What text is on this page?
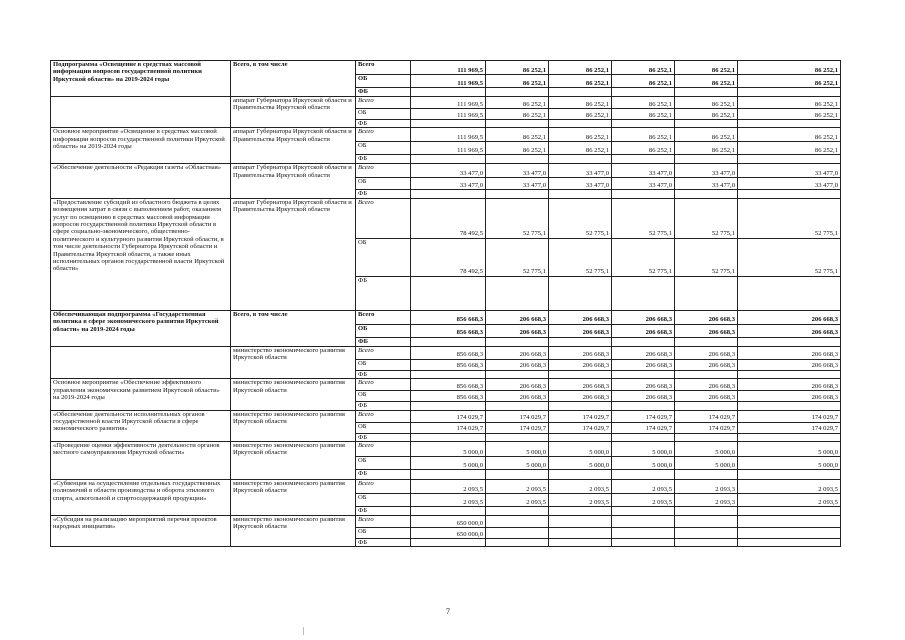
Подпрограмма «Освещение в средствах массовой информации вопросов государственной политики Иркутской области» на 2019-2024 годы	Всего, в том числе	Всего	111 969,5	86 252,1	86 252,1	86 252,1	86 252,1	86 252,1
		ОБ	111 969,5	86 252,1	86 252,1	86 252,1	86 252,1	86 252,1
		ФБ						
	аппарат Губернатора Иркутской области и Правительства Иркутской области	Всего	111 969,5	86 252,1	86 252,1	86 252,1	86 252,1	86 252,1
		ОБ	111 969,5	86 252,1	86 252,1	86 252,1	86 252,1	86 252,1
		ФБ						
Основное мероприятие «Освещение в средствах массовой информации вопросов государственной политики Иркутской области» на 2019-2024 годы	аппарат Губернатора Иркутской области и Правительства Иркутской области	Всего	111 969,5	86 252,1	86 252,1	86 252,1	86 252,1	86 252,1
		ОБ	111 969,5	86 252,1	86 252,1	86 252,1	86 252,1	86 252,1
		ФБ						
«Обеспечение деятельности «Редакция газеты «Областная»	аппарат Губернатора Иркутской области и Правительства Иркутской области	Всего	33 477,0	33 477,0	33 477,0	33 477,0	33 477,0	33 477,0
		ОБ	33 477,0	33 477,0	33 477,0	33 477,0	33 477,0	33 477,0
		ФБ						
«Предоставление субсидий из областного бюджета в целях возмещения затрат в связи с выполнением работ, оказанием услуг по освещению в средствах массовой информации вопросов государственной политики Иркутской области в сфере социально-экономического, общественно-политического и культурного развития Иркутской области, в том числе деятельности Губернатора Иркутской области и Правительства Иркутской области, а также иных исполнительных органов государственной власти Иркутской области»	аппарат Губернатора Иркутской области и Правительства Иркутской области	Всего	78 492,5	52 775,1	52 775,1	52 775,1	52 775,1	52 775,1
		ОБ	78 492,5	52 775,1	52 775,1	52 775,1	52 775,1	52 775,1
		ФБ						
Обеспечивающая подпрограмма «Государственная политика в сфере экономического развития Иркутской области» на 2019-2024 годы	Всего, в том числе	Всего	856 668,3	206 668,3	206 668,3	206 668,3	206 668,3	206 668,3
		ОБ	856 668,3	206 668,3	206 668,3	206 668,3	206 668,3	206 668,3
		ФБ						
	министерство экономического развития Иркутской области	Всего	856 668,3	206 668,3	206 668,3	206 668,3	206 668,3	206 668,3
		ОБ	856 668,3	206 668,3	206 668,3	206 668,3	206 668,3	206 668,3
		ФБ						
Основное мероприятие «Обеспечение эффективного управления экономическим развитием Иркутской области» на 2019-2024 годы	министерство экономического развития Иркутской области	Всего	856 668,3	206 668,3	206 668,3	206 668,3	206 668,3	206 668,3
		ОБ	856 668,3	206 668,3	206 668,3	206 668,3	206 668,3	206 668,3
		ФБ						
«Обеспечение деятельности исполнительных органов государственной власти Иркутской области в сфере экономического развития»	министерство экономического развития Иркутской области	Всего	174 029,7	174 029,7	174 029,7	174 029,7	174 029,7	174 029,7
		ОБ	174 029,7	174 029,7	174 029,7	174 029,7	174 029,7	174 029,7
		ФБ						
«Проведение оценки эффективности деятельности органов местного самоуправления Иркутской области»	министерство экономического развития Иркутской области	Всего	5 000,0	5 000,0	5 000,0	5 000,0	5 000,0	5 000,0
		ОБ	5 000,0	5 000,0	5 000,0	5 000,0	5 000,0	5 000,0
		ФБ						
«Субвенция на осуществление отдельных государственных полномочий в области производства и оборота этилового спирта, алкогольной и спиртосодержащей продукции»	министерство экономического развития Иркутской области	Всего	2 093,5	2 093,5	2 093,5	2 093,5	2 093,3	2 093,5
		ОБ	2 093,5	2 093,5	2 093,5	2 093,5	2 093,3	2 093,5
		ФБ						
«Субсидия на реализацию мероприятий перечня проектов народных инициатив»	министерство экономического развития Иркутской области	Всего	650 000,0					
		ОБ	650 000,0					
		ФБ						
7
